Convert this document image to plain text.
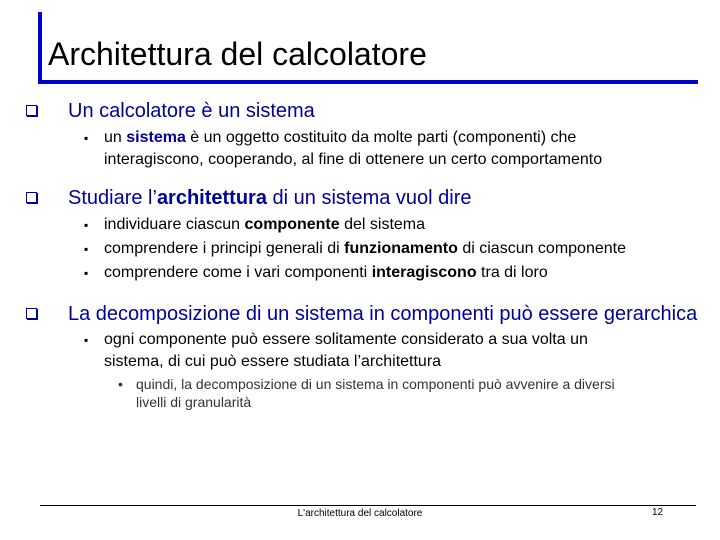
Architettura del calcolatore
Un calcolatore è un sistema
▪ un sistema è un oggetto costituito da molte parti (componenti) che
interagiscono, cooperando, al fine di ottenere un certo comportamento
Studiare l’architettura di un sistema vuol dire
▪ individuare ciascun componente del sistema
▪ comprendere i principi generali di funzionamento di ciascun componente
▪ comprendere come i vari componenti interagiscono tra di loro
La decomposizione di un sistema in componenti può essere gerarchica
▪ ogni componente può essere solitamente considerato a sua volta un
sistema, di cui può essere studiata l’architettura
• quindi, la decomposizione di un sistema in componenti può avvenire a diversi
livelli di granularità
L'architettura del calcolatore	12
